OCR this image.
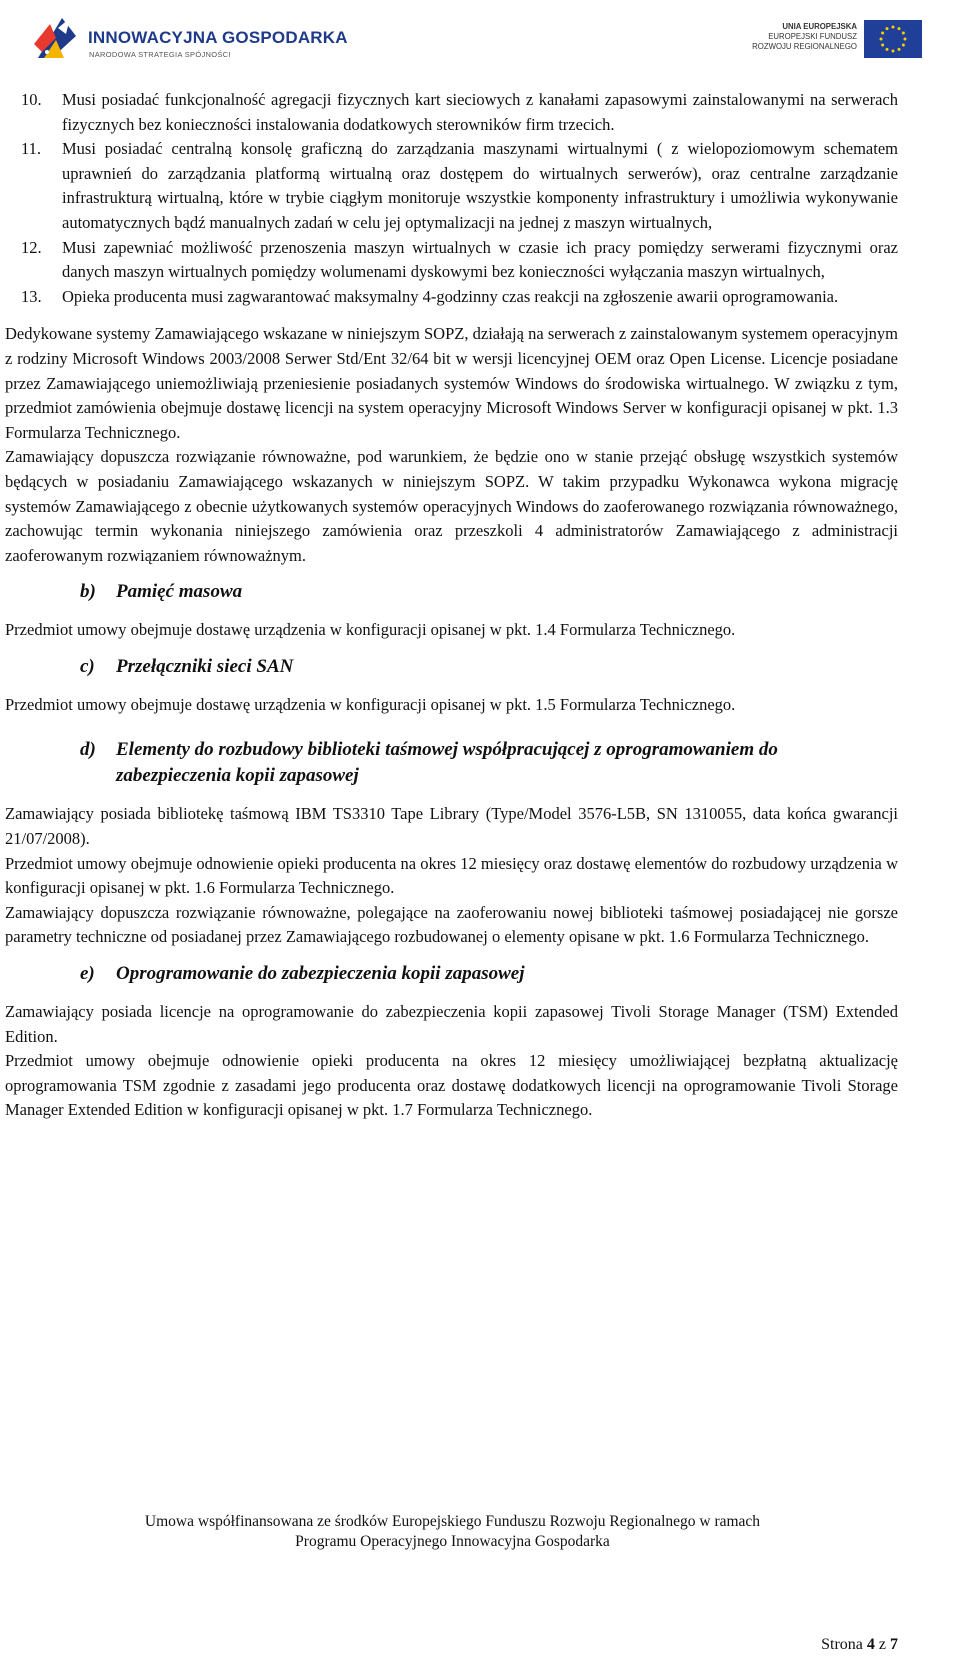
INNOWACYJNA GOSPODARKA
NARODOWA STRATEGIA SPÓJNOŚCI
UNIA EUROPEJSKA
EUROPEJSKI FUNDUSZ
ROZWOJU REGIONALNEGO
10. Musi posiadać funkcjonalność agregacji fizycznych kart sieciowych z kanałami zapasowymi zainstalowanymi na serwerach fizycznych bez konieczności instalowania dodatkowych sterowników firm trzecich.
11. Musi posiadać centralną konsolę graficzną do zarządzania maszynami wirtualnymi ( z wielopoziomowym schematem uprawnień do zarządzania platformą wirtualną oraz dostępem do wirtualnych serwerów), oraz centralne zarządzanie infrastrukturą wirtualną, które w trybie ciągłym monitoruje wszystkie komponenty infrastruktury i umożliwia wykonywanie automatycznych bądź manualnych zadań w celu jej optymalizacji na jednej z maszyn wirtualnych,
12. Musi zapewniać możliwość przenoszenia maszyn wirtualnych w czasie ich pracy pomiędzy serwerami fizycznymi oraz danych maszyn wirtualnych pomiędzy wolumenami dyskowymi bez konieczności wyłączania maszyn wirtualnych,
13. Opieka producenta musi zagwarantować maksymalny 4-godzinny czas reakcji na zgłoszenie awarii oprogramowania.

Dedykowane systemy Zamawiającego wskazane w niniejszym SOPZ, działają na serwerach z zainstalowanym systemem operacyjnym z rodziny Microsoft Windows 2003/2008 Serwer Std/Ent 32/64 bit w wersji licencyjnej OEM oraz Open License. Licencje posiadane przez Zamawiającego uniemożliwiają przeniesienie posiadanych systemów Windows do środowiska wirtualnego. W związku z tym, przedmiot zamówienia obejmuje dostawę licencji na system operacyjny Microsoft Windows Server w konfiguracji opisanej w pkt. 1.3 Formularza Technicznego.

Zamawiający dopuszcza rozwiązanie równoważne, pod warunkiem, że będzie ono w stanie przejąć obsługę wszystkich systemów będących w posiadaniu Zamawiającego wskazanych w niniejszym SOPZ. W takim przypadku Wykonawca wykona migrację systemów Zamawiającego z obecnie użytkowanych systemów operacyjnych Windows do zaoferowanego rozwiązania równoważnego, zachowując termin wykonania niniejszego zamówienia oraz przeszkoli 4 administratorów Zamawiającego z administracji zaoferowanym rozwiązaniem równoważnym.

b) Pamięć masowa

Przedmiot umowy obejmuje dostawę urządzenia w konfiguracji opisanej w pkt. 1.4 Formularza Technicznego.

c) Przełączniki sieci SAN

Przedmiot umowy obejmuje dostawę urządzenia w konfiguracji opisanej w pkt. 1.5 Formularza Technicznego.

d) Elementy do rozbudowy biblioteki taśmowej współpracującej z oprogramowaniem do zabezpieczenia kopii zapasowej

Zamawiający posiada bibliotekę taśmową IBM TS3310 Tape Library (Type/Model 3576-L5B, SN 1310055, data końca gwarancji 21/07/2008).

Przedmiot umowy obejmuje odnowienie opieki producenta na okres 12 miesięcy oraz dostawę elementów do rozbudowy urządzenia w konfiguracji opisanej w pkt. 1.6 Formularza Technicznego.

Zamawiający dopuszcza rozwiązanie równoważne, polegające na zaoferowaniu nowej biblioteki taśmowej posiadającej nie gorsze parametry techniczne od posiadanej przez Zamawiającego rozbudowanej o elementy opisane w pkt. 1.6 Formularza Technicznego.

e) Oprogramowanie do zabezpieczenia kopii zapasowej

Zamawiający posiada licencje na oprogramowanie do zabezpieczenia kopii zapasowej Tivoli Storage Manager (TSM) Extended Edition.

Przedmiot umowy obejmuje odnowienie opieki producenta na okres 12 miesięcy umożliwiającej bezpłatną aktualizację oprogramowania TSM zgodnie z zasadami jego producenta oraz dostawę dodatkowych licencji na oprogramowanie Tivoli Storage Manager Extended Edition w konfiguracji opisanej w pkt. 1.7 Formularza Technicznego.

Umowa współfinansowana ze środków Europejskiego Funduszu Rozwoju Regionalnego w ramach
Programu Operacyjnego Innowacyjna Gospodarka
Strona 4 z 7
